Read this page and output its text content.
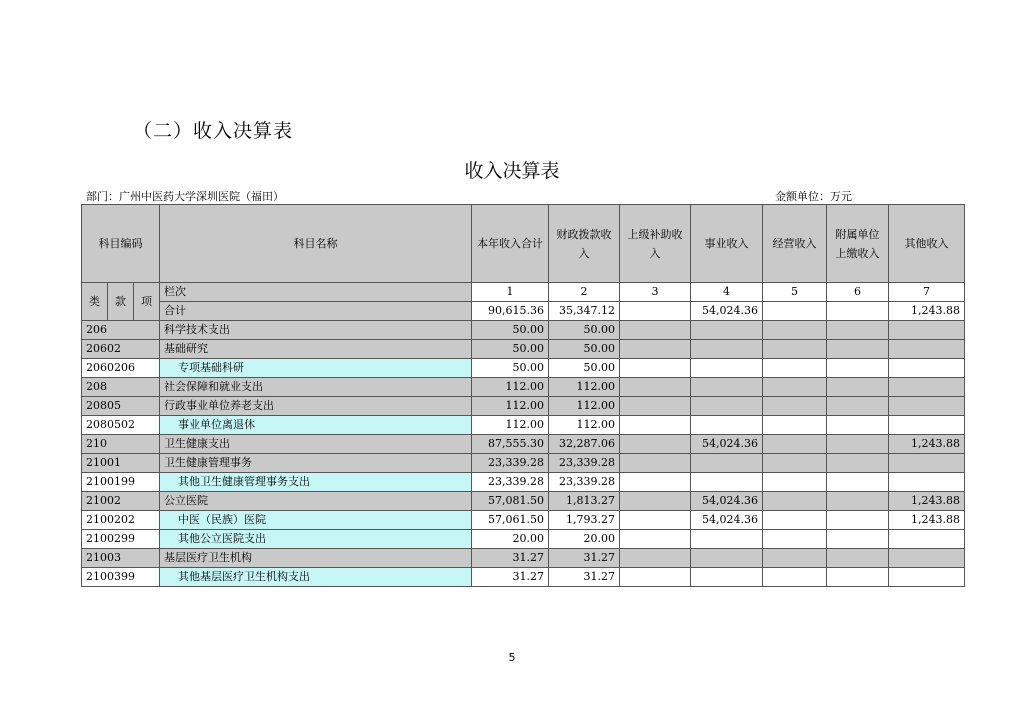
（二）收入决算表
收入决算表
部门：广州中医药大学深圳医院（福田）	金额单位：万元
科目编码			科目名称	本年收入合计	财政拨款收入	上级补助收入	事业收入	经营收入	附属单位上缴收入	其他收入
类	款	项	栏次	1	2	3	4	5	6	7
			合计	90,615.36	35,347.12		54,024.36			1,243.88
206			科学技术支出	50.00	50.00					
20602			基础研究	50.00	50.00					
2060206			专项基础科研	50.00	50.00					
208			社会保障和就业支出	112.00	112.00					
20805			行政事业单位养老支出	112.00	112.00					
2080502			事业单位离退休	112.00	112.00					
210			卫生健康支出	87,555.30	32,287.06		54,024.36			1,243.88
21001			卫生健康管理事务	23,339.28	23,339.28					
2100199			其他卫生健康管理事务支出	23,339.28	23,339.28					
21002			公立医院	57,081.50	1,813.27		54,024.36			1,243.88
2100202			中医（民族）医院	57,061.50	1,793.27		54,024.36			1,243.88
2100299			其他公立医院支出	20.00	20.00					
21003			基层医疗卫生机构	31.27	31.27					
2100399			其他基层医疗卫生机构支出	31.27	31.27					
5
